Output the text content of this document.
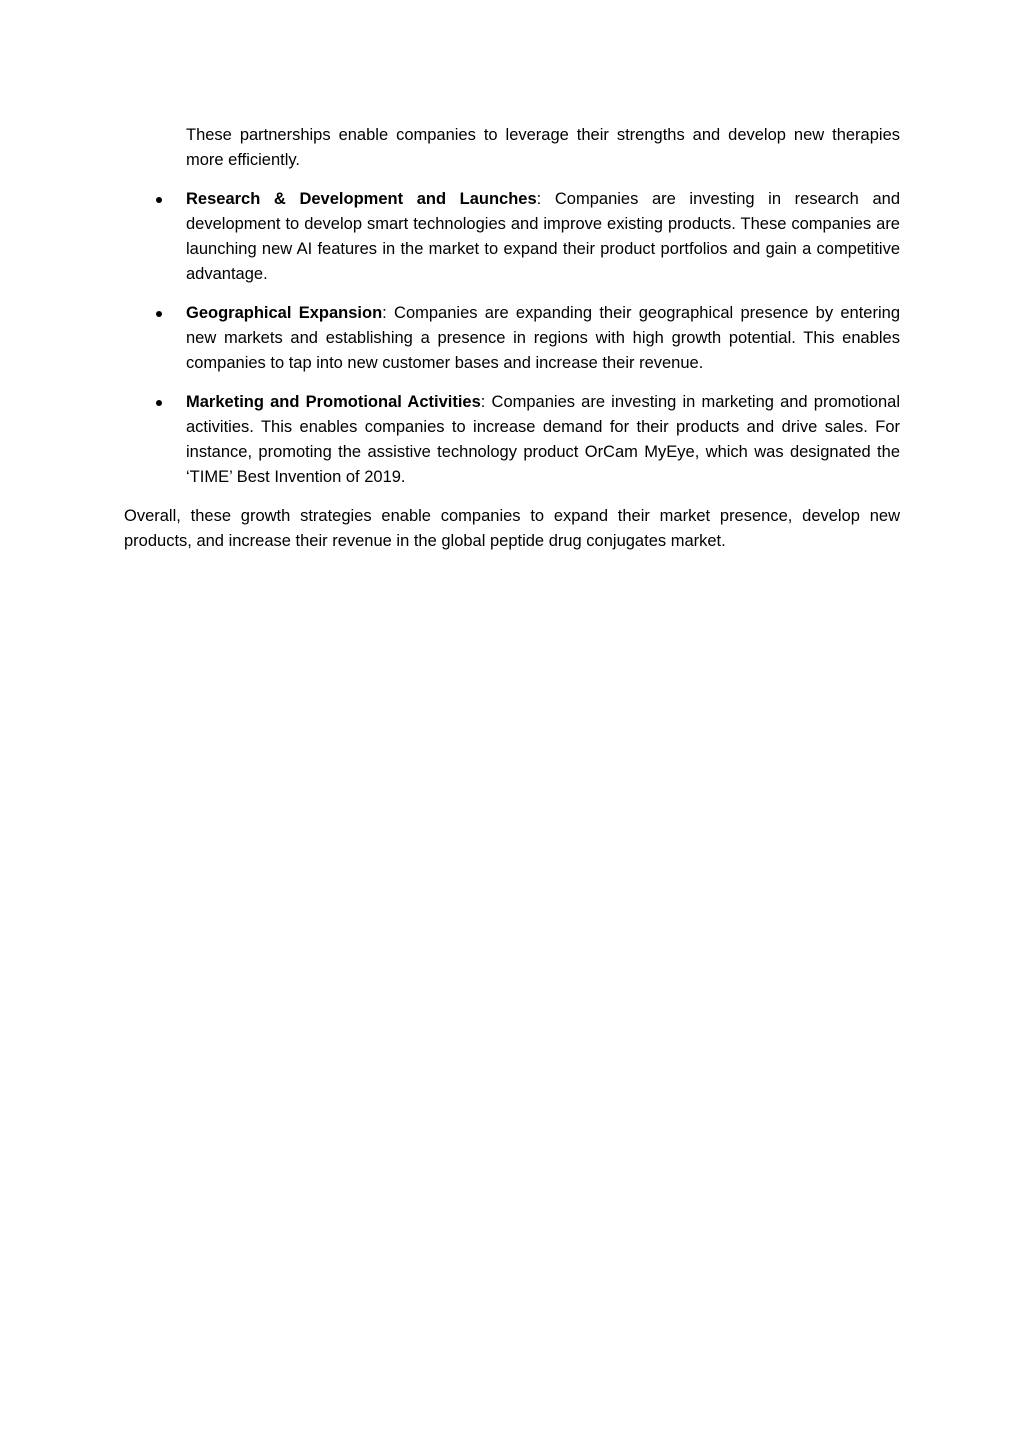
These partnerships enable companies to leverage their strengths and develop new therapies more efficiently.

Research & Development and Launches: Companies are investing in research and development to develop smart technologies and improve existing products. These companies are launching new AI features in the market to expand their product portfolios and gain a competitive advantage.
Geographical Expansion: Companies are expanding their geographical presence by entering new markets and establishing a presence in regions with high growth potential. This enables companies to tap into new customer bases and increase their revenue.
Marketing and Promotional Activities: Companies are investing in marketing and promotional activities. This enables companies to increase demand for their products and drive sales. For instance, promoting the assistive technology product OrCam MyEye, which was designated the ‘TIME’ Best Invention of 2019.

Overall, these growth strategies enable companies to expand their market presence, develop new products, and increase their revenue in the global peptide drug conjugates market.
